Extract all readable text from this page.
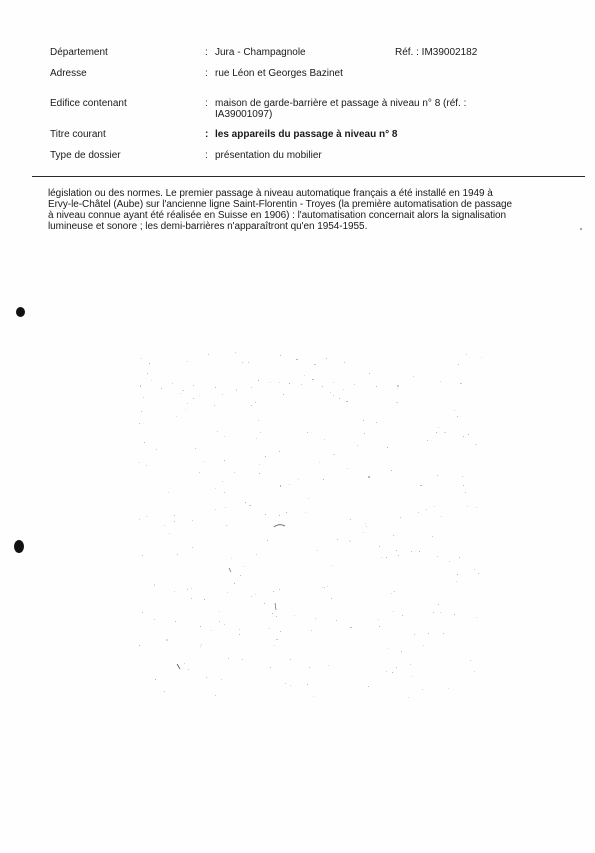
Département	: Jura - Champagnole	Réf. : IM39002182
Adresse	: rue Léon et Georges Bazinet
Edifice contenant	: maison de garde-barrière et passage à niveau n° 8 (réf. : IA39001097)
Titre courant	: les appareils du passage à niveau n° 8
Type de dossier	: présentation du mobilier

législation ou des normes. Le premier passage à niveau automatique français a été installé en 1949 à

Ervy-le-Châtel (Aube) sur l'ancienne ligne Saint-Florentin - Troyes (la première automatisation de passage

à niveau connue ayant été réalisée en Suisse en 1906) : l'automatisation concernait alors la signalisation

lumineuse et sonore ; les demi-barrières n'apparaîtront qu'en 1954-1955.
